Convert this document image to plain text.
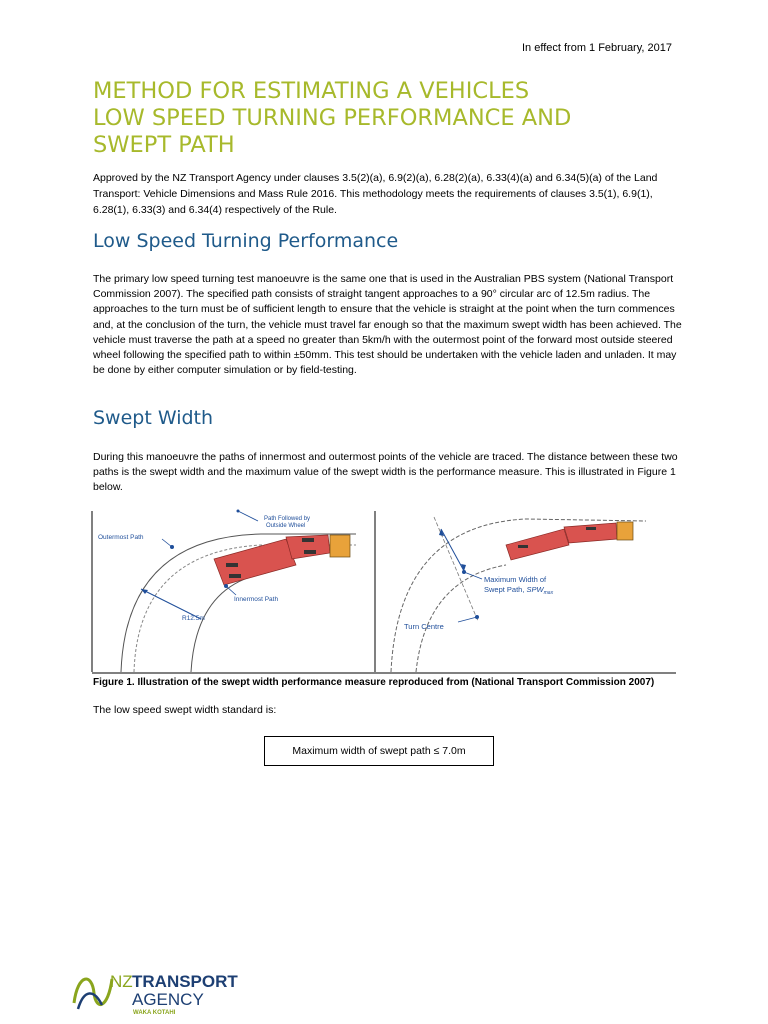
In effect from 1 February, 2017
METHOD FOR ESTIMATING A VEHICLES
LOW SPEED TURNING PERFORMANCE AND
SWEPT PATH

Approved by the NZ Transport Agency under clauses 3.5(2)(a), 6.9(2)(a), 6.28(2)(a), 6.33(4)(a) and 6.34(5)(a) of the Land Transport: Vehicle Dimensions and Mass Rule 2016. This methodology meets the requirements of clauses 3.5(1), 6.9(1), 6.28(1), 6.33(3) and 6.34(4) respectively of the Rule.

Low Speed Turning Performance

The primary low speed turning test manoeuvre is the same one that is used in the Australian PBS system (National Transport Commission 2007). The specified path consists of straight tangent approaches to a 90° circular arc of 12.5m radius. The approaches to the turn must be of sufficient length to ensure that the vehicle is straight at the point when the turn commences and, at the conclusion of the turn, the vehicle must travel far enough so that the maximum swept width has been achieved. The vehicle must traverse the path at a speed no greater than 5km/h with the outermost point of the forward most outside steered wheel following the specified path to within ±50mm. This test should be undertaken with the vehicle laden and unladen. It may be done by either computer simulation or by field-testing.

Swept Width

During this manoeuvre the paths of innermost and outermost points of the vehicle are traced. The distance between these two paths is the swept width and the maximum value of the swept width is the performance measure. This is illustrated in Figure 1 below.

Path Followed by
Outside Wheel
Outermost Path
Innermost Path
R12.5m
Maximum Width of
Swept Path, $SPW_{max}$
Turn Centre

Figure 1. Illustration of the swept width performance measure reproduced from (National Transport Commission 2007)

The low speed swept width standard is:

Maximum width of swept path ≤ 7.0m
NZ TRANSPORT
AGENCY
WAKA KOTAHI
